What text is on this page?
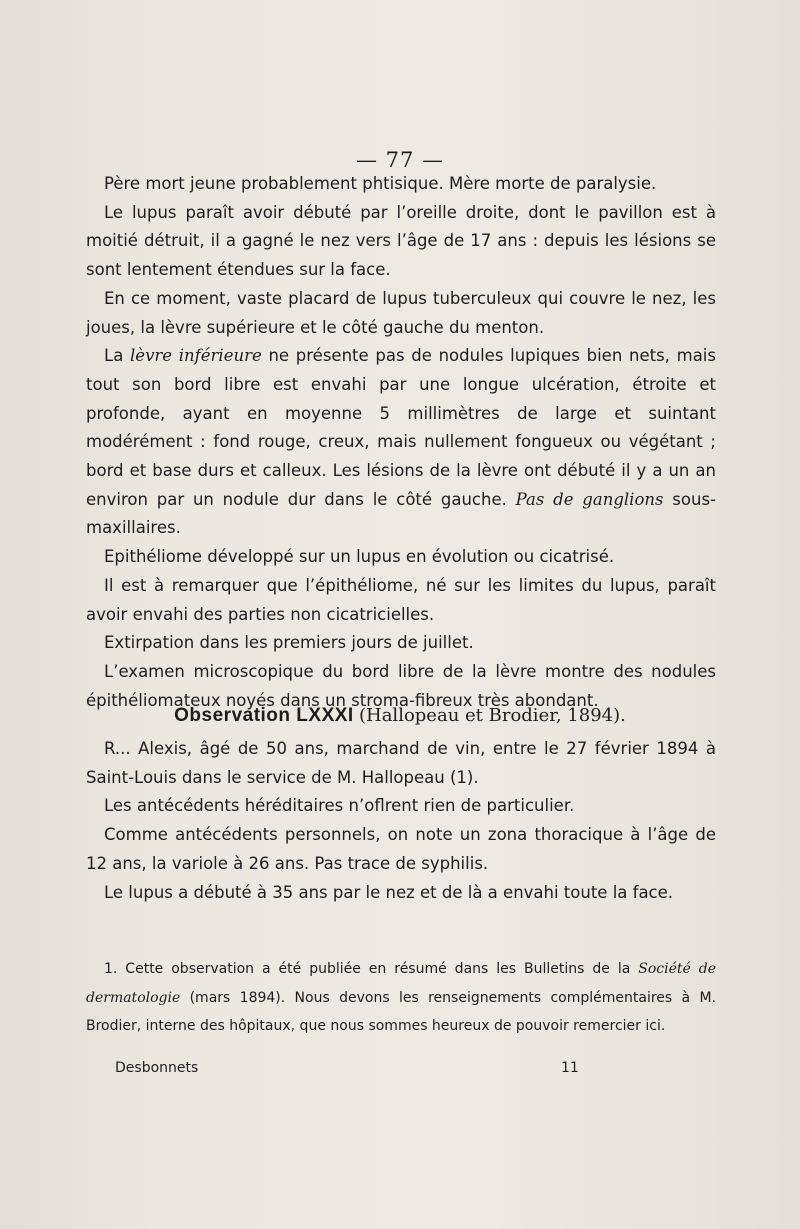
— 77 —

Père mort jeune probablement phtisique. Mère morte de paralysie.

Le lupus paraît avoir débuté par l’oreille droite, dont le pavillon est à moitié détruit, il a gagné le nez vers l’âge de 17 ans : depuis les lésions se sont lentement étendues sur la face.

En ce moment, vaste placard de lupus tuberculeux qui couvre le nez, les joues, la lèvre supérieure et le côté gauche du menton.

La lèvre inférieure ne présente pas de nodules lupiques bien nets, mais tout son bord libre est envahi par une longue ulcération, étroite et profonde, ayant en moyenne 5 millimètres de large et suintant modérément : fond rouge, creux, mais nullement fongueux ou végétant ; bord et base durs et calleux. Les lésions de la lèvre ont débuté il y a un an environ par un nodule dur dans le côté gauche. Pas de ganglions sous-maxillaires.

Epithéliome développé sur un lupus en évolution ou cicatrisé.

Il est à remarquer que l’épithéliome, né sur les limites du lupus, paraît avoir envahi des parties non cicatricielles.

Extirpation dans les premiers jours de juillet.

L’examen microscopique du bord libre de la lèvre montre des nodules épithéliomateux noyés dans un stroma-fibreux très abondant.

Observation LXXXI (Hallopeau et Brodier, 1894).

R... Alexis, âgé de 50 ans, marchand de vin, entre le 27 février 1894 à Saint-Louis dans le service de M. Hallopeau (1).

Les antécédents héréditaires n’oflrent rien de particulier.

Comme antécédents personnels, on note un zona thoracique à l’âge de 12 ans, la variole à 26 ans. Pas trace de syphilis.

Le lupus a débuté à 35 ans par le nez et de là a envahi toute la face.

1. Cette observation a été publiée en résumé dans les Bulletins de la Société de dermatologie (mars 1894). Nous devons les renseignements complémentaires à M. Brodier, interne des hôpitaux, que nous sommes heureux de pouvoir remercier ici.

Desbonnets	11
